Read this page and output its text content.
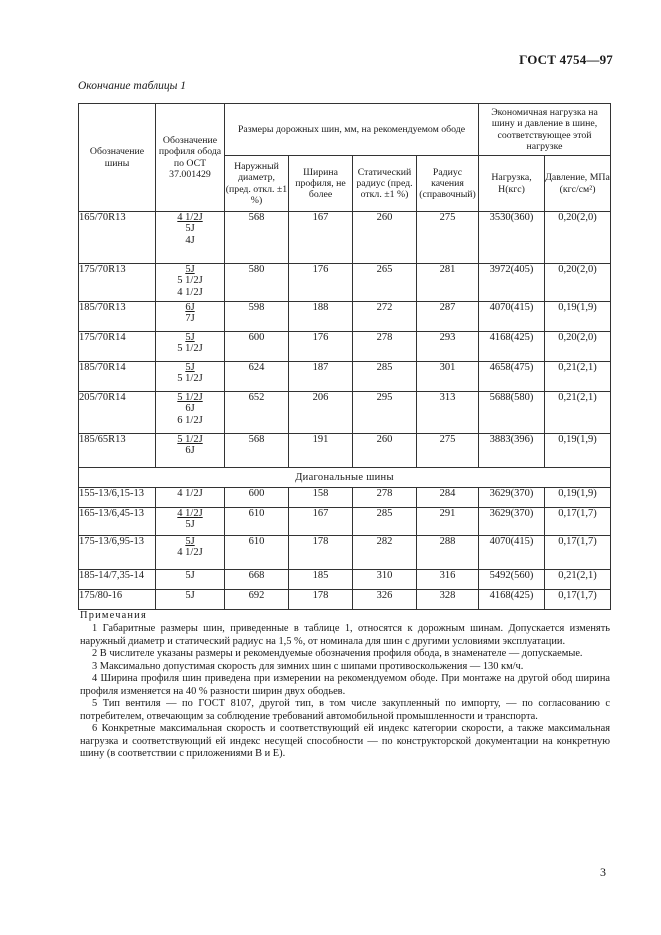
ГОСТ 4754—97
Окончание таблицы 1
Обозначение шины	Обозначение профиля обода по ОСТ 37.001429	Размеры дорожных шин, мм, на рекомендуемом ободе				Экономичная нагрузка на шину и давление в шине, соответствующее этой нагрузке	
		Наружный диаметр, (пред. откл. ±1 %)	Ширина профиля, не более	Статический радиус (пред. откл. ±1 %)	Радиус качения (справочный)	Нагрузка, Н(кгс)	Давление, МПа (кгс/см²)
165/70R13	4 1/2J
5J
4J	568	167	260	275	3530(360)	0,20(2,0)
175/70R13	5J
5 1/2J
4 1/2J	580	176	265	281	3972(405)	0,20(2,0)
185/70R13	6J
7J	598	188	272	287	4070(415)	0,19(1,9)
175/70R14	5J
5 1/2J	600	176	278	293	4168(425)	0,20(2,0)
185/70R14	5J
5 1/2J	624	187	285	301	4658(475)	0,21(2,1)
205/70R14	5 1/2J
6J
6 1/2J	652	206	295	313	5688(580)	0,21(2,1)
185/65R13	5 1/2J
6J	568	191	260	275	3883(396)	0,19(1,9)
Диагональные шины							
155-13/6,15-13	4 1/2J	600	158	278	284	3629(370)	0,19(1,9)
165-13/6,45-13	4 1/2J
5J	610	167	285	291	3629(370)	0,17(1,7)
175-13/6,95-13	5J
4 1/2J	610	178	282	288	4070(415)	0,17(1,7)
185-14/7,35-14	5J	668	185	310	316	5492(560)	0,21(2,1)
175/80-16	5J	692	178	326	328	4168(425)	0,17(1,7)
Примечания

1 Габаритные размеры шин, приведенные в таблице 1, относятся к дорожным шинам. Допускается изменять наружный диаметр и статический радиус на 1,5 %, от номинала для шин с другими условиями эксплуатации.

2 В числителе указаны размеры и рекомендуемые обозначения профиля обода, в знаменателе — допускаемые.

3 Максимально допустимая скорость для зимних шин с шипами противоскольжения — 130 км/ч.

4 Ширина профиля шин приведена при измерении на рекомендуемом ободе. При монтаже на другой обод ширина профиля изменяется на 40 % разности ширин двух ободьев.

5 Тип вентиля — по ГОСТ 8107, другой тип, в том числе закупленный по импорту, — по согласованию с потребителем, отвечающим за соблюдение требований автомобильной промышленности и транспорта.

6 Конкретные максимальная скорость и соответствующий ей индекс категории скорости, а также максимальная нагрузка и соответствующий ей индекс несущей способности — по конструкторской документации на конкретную шину (в соответствии с приложениями В и Е).

3
